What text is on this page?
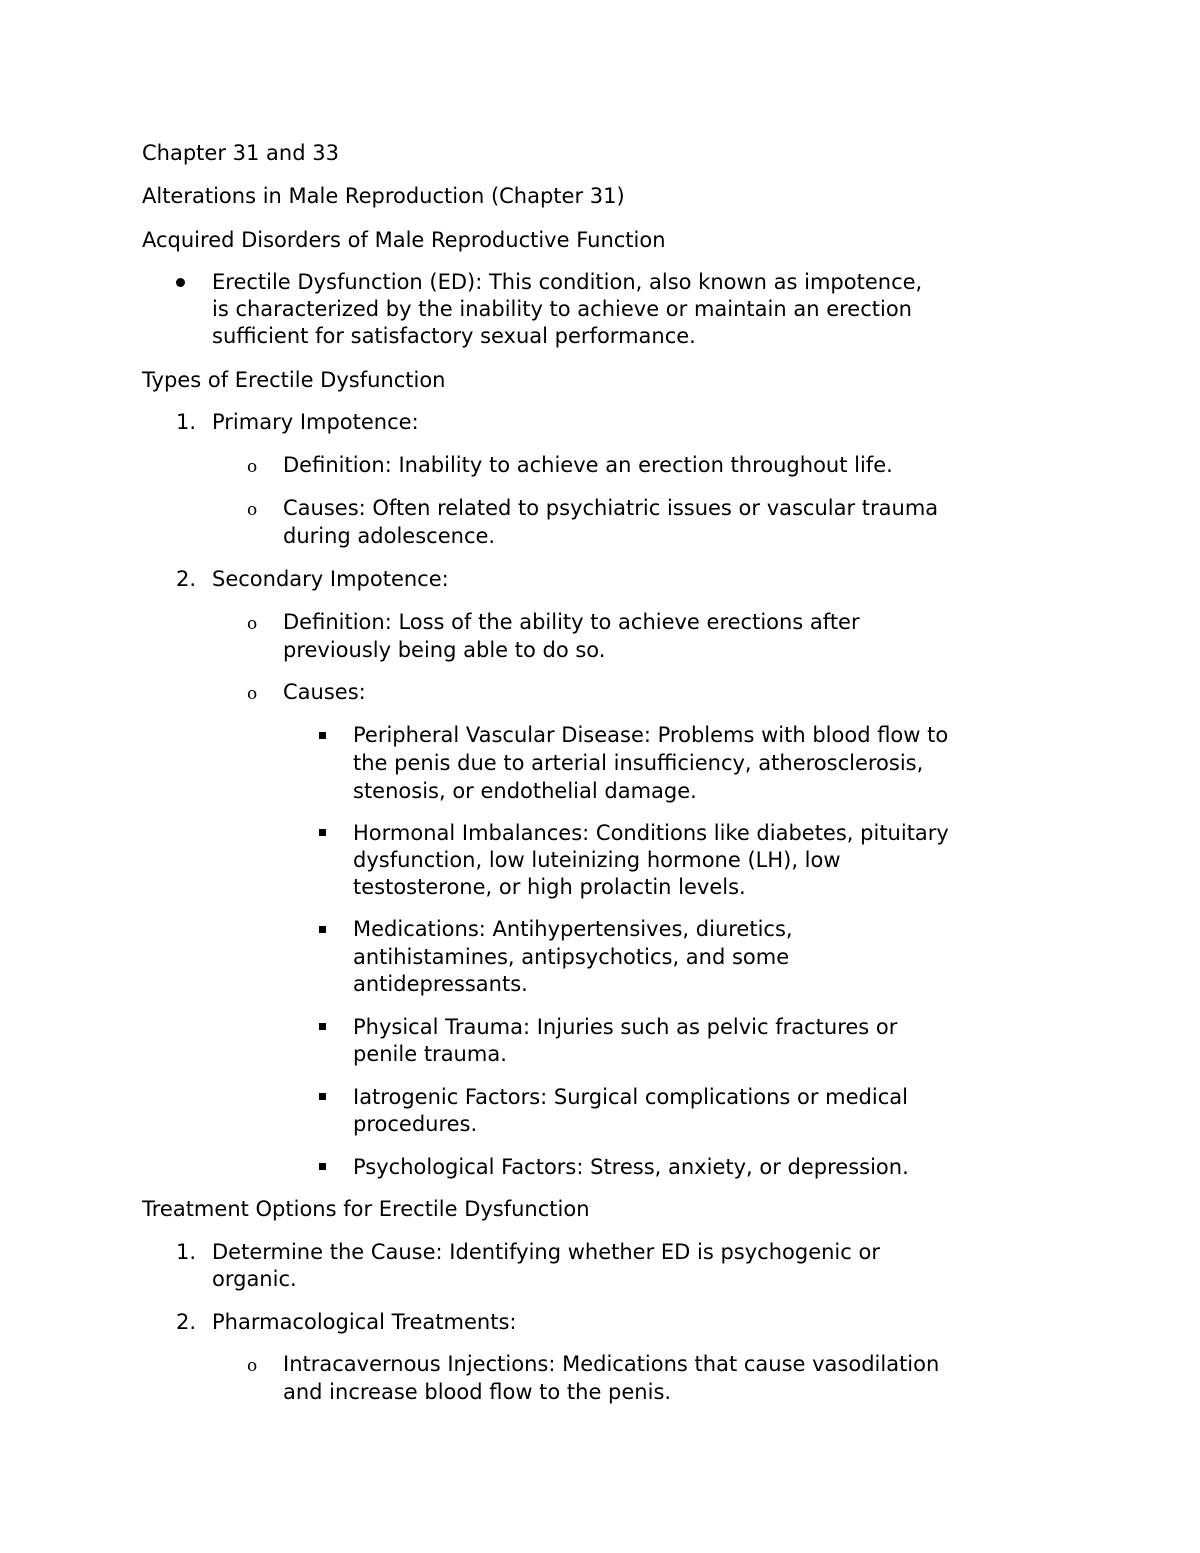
Chapter 31 and 33
Alterations in Male Reproduction (Chapter 31)
Acquired Disorders of Male Reproductive Function
Erectile Dysfunction (ED): This condition, also known as impotence,
is characterized by the inability to achieve or maintain an erection
sufficient for satisfactory sexual performance.
Types of Erectile Dysfunction
1. Primary Impotence:
o Definition: Inability to achieve an erection throughout life.
o Causes: Often related to psychiatric issues or vascular trauma
during adolescence.
2. Secondary Impotence:
o Definition: Loss of the ability to achieve erections after
previously being able to do so.
o Causes:
Peripheral Vascular Disease: Problems with blood flow to
the penis due to arterial insufficiency, atherosclerosis,
stenosis, or endothelial damage.
Hormonal Imbalances: Conditions like diabetes, pituitary
dysfunction, low luteinizing hormone (LH), low
testosterone, or high prolactin levels.
Medications: Antihypertensives, diuretics,
antihistamines, antipsychotics, and some
antidepressants.
Physical Trauma: Injuries such as pelvic fractures or
penile trauma.
Iatrogenic Factors: Surgical complications or medical
procedures.
Psychological Factors: Stress, anxiety, or depression.
Treatment Options for Erectile Dysfunction
1. Determine the Cause: Identifying whether ED is psychogenic or
organic.
2. Pharmacological Treatments:
o Intracavernous Injections: Medications that cause vasodilation
and increase blood flow to the penis.
